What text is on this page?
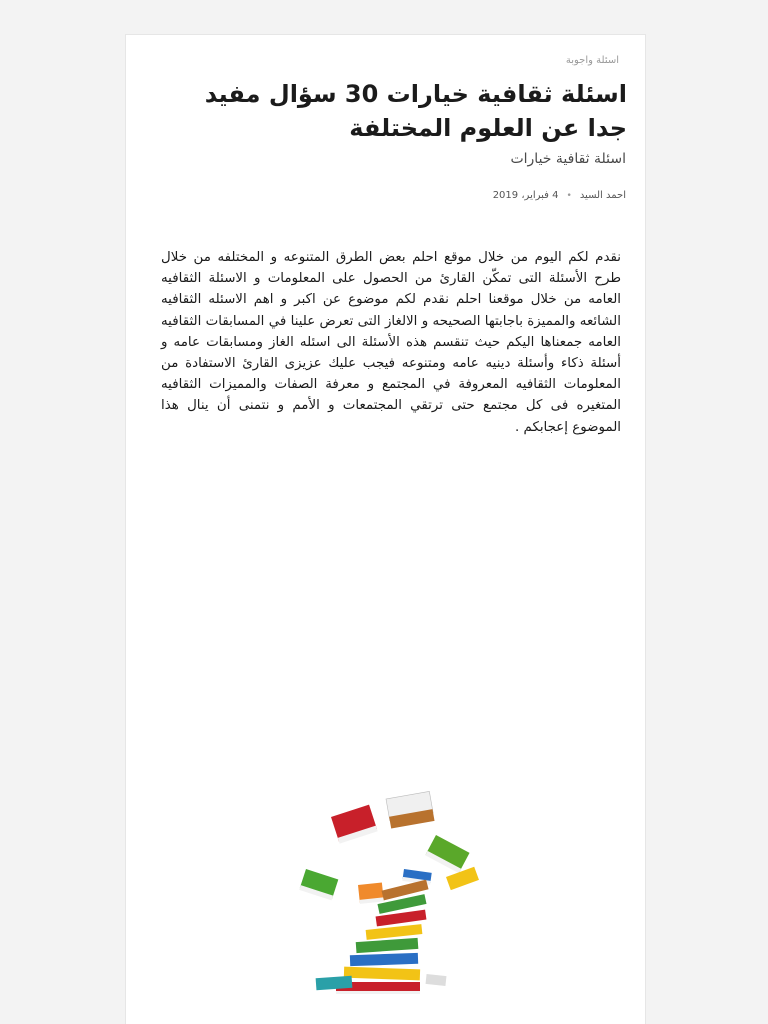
اسئلة واجوبة
اسئلة ثقافية خيارات 30 سؤال مفيد جدا عن العلوم المختلفة
اسئلة ثقافية خيارات
احمد السيد
•
4 فبراير، 2019

نقدم لكم اليوم من خلال موقع احلم بعض الطرق المتنوعه و المختلفه من خلال طرح الأسئلة التى تمكّن القارئ من الحصول على المعلومات و الاسئلة الثقافيه العامه من خلال موقعنا احلم نقدم لكم موضوع عن اكبر و اهم الاسئله الثقافيه الشائعه والمميزة باجابتها الصحيحه و الالغاز التى تعرض علينا في المسابقات الثقافيه العامه جمعناها اليكم حيث تنقسم هذه الأسئلة الى اسئله الغاز ومسابقات عامه و أسئلة ذكاء وأسئلة دينيه عامه ومتنوعه فيجب عليك عزيزى القارئ الاستفادة من المعلومات الثقافيه المعروفة في المجتمع و معرفة الصفات والمميزات الثقافيه المتغيره فى كل مجتمع حتى ترتقي المجتمعات و الأمم و نتمنى أن ينال هذا الموضوع إعجابكم .
